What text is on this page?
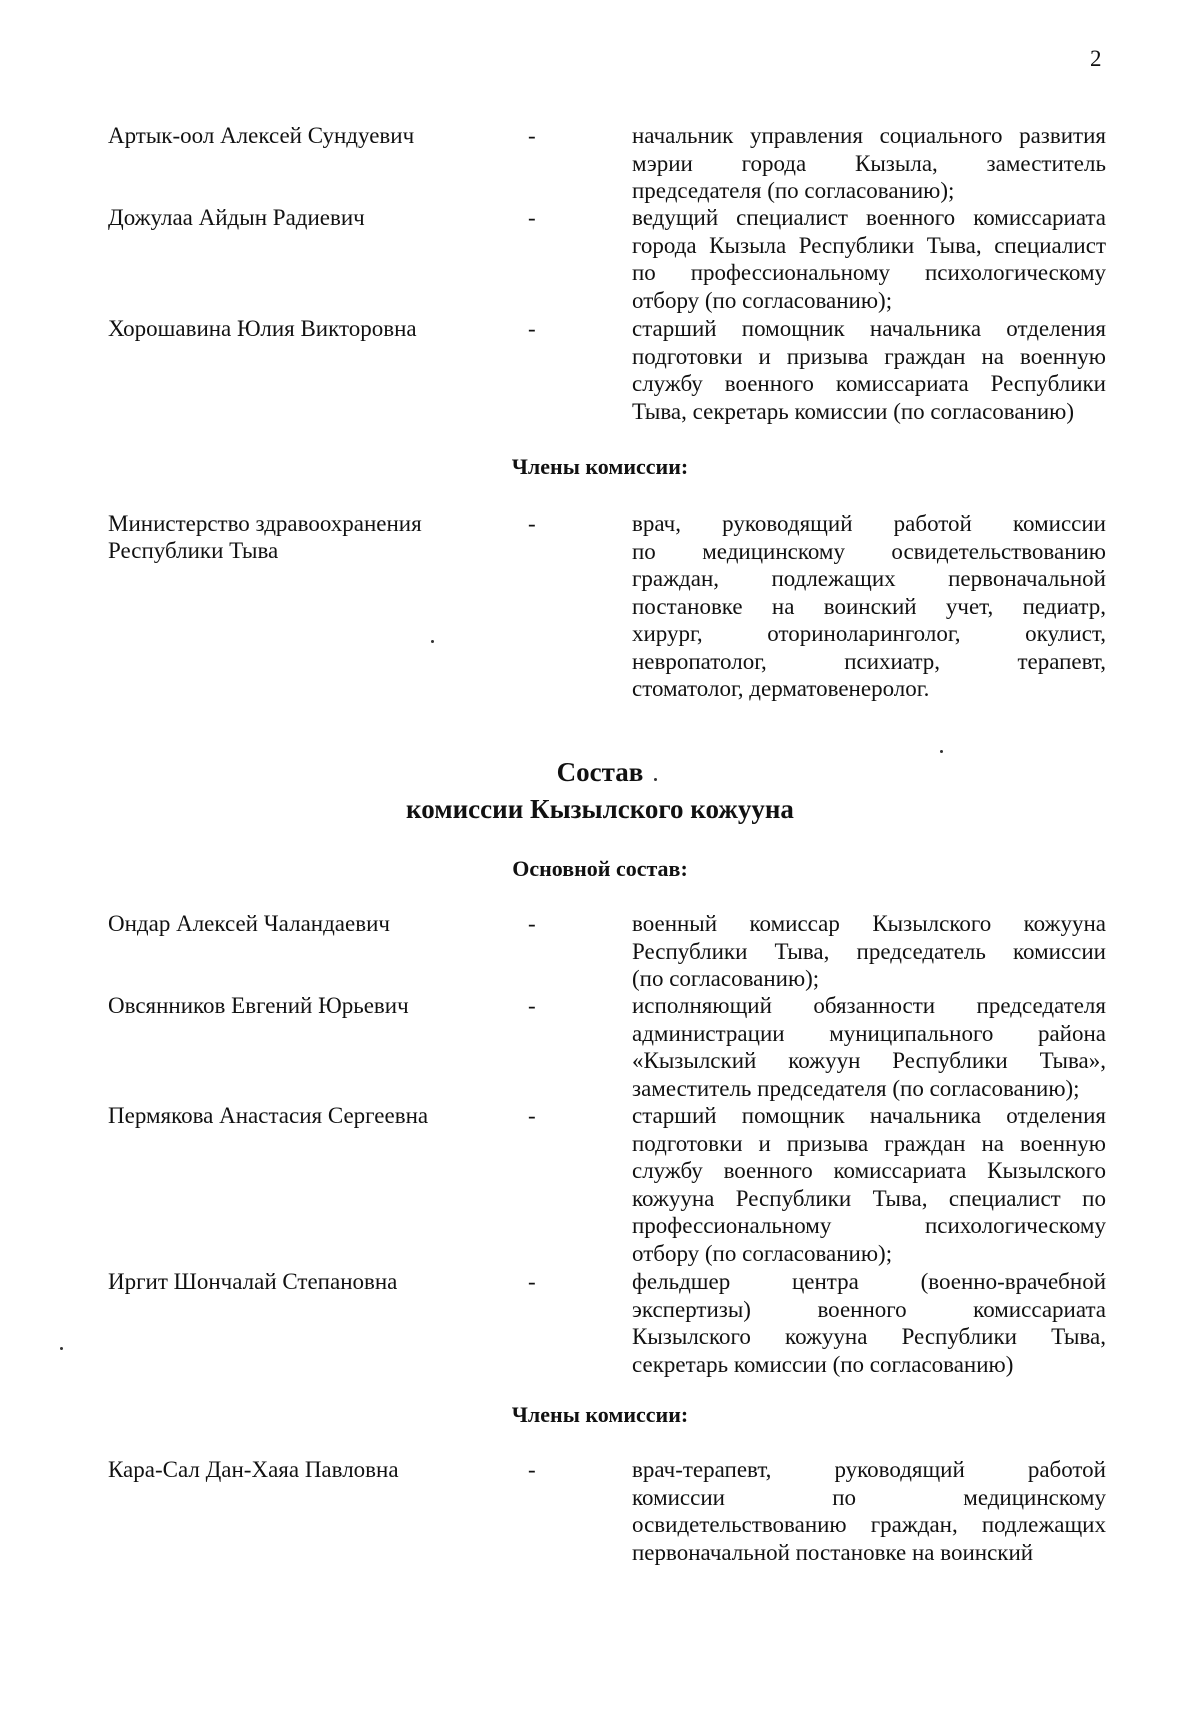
2
Артык-оол Алексей Сундуевич	-	начальник управления социального развития
мэрии города Кызыла, заместитель
председателя (по согласованию);
Дожулаа Айдын Радиевич	-	ведущий специалист военного комиссариата
города Кызыла Республики Тыва, специалист
по профессиональному психологическому
отбору (по согласованию);
Хорошавина Юлия Викторовна	-	старший помощник начальника отделения
подготовки и призыва граждан на военную
службу военного комиссариата Республики
Тыва, секретарь комиссии (по согласованию)
Члены комиссии:
Министерство здравоохранения
Республики Тыва
-	врач, руководящий работой комиссии
по медицинскому освидетельствованию
граждан, подлежащих первоначальной
постановке на воинский учет, педиатр,
хирург, оториноларинголог, окулист,
невропатолог, психиатр, терапевт,
стоматолог, дерматовенеролог.
Состав
комиссии Кызылского кожууна
Основной состав:
Ондар Алексей Чаландаевич	-	военный комиссар Кызылского кожууна
Республики Тыва, председатель комиссии
(по согласованию);
Овсянников Евгений Юрьевич	-	исполняющий обязанности председателя
администрации муниципального района
«Кызылский кожуун Республики Тыва»,
заместитель председателя (по согласованию);
Пермякова Анастасия Сергеевна	-	старший помощник начальника отделения
подготовки и призыва граждан на военную
службу военного комиссариата Кызылского
кожууна Республики Тыва, специалист по
профессиональному психологическому
отбору (по согласованию);
Иргит Шончалай Степановна	-	фельдшер центра (военно-врачебной
экспертизы) военного комиссариата
Кызылского кожууна Республики Тыва,
секретарь комиссии (по согласованию)
Члены комиссии:
Кара-Сал Дан-Хаяа Павловна	-	врач-терапевт, руководящий работой
комиссии по медицинскому
освидетельствованию граждан, подлежащих
первоначальной постановке на воинский
